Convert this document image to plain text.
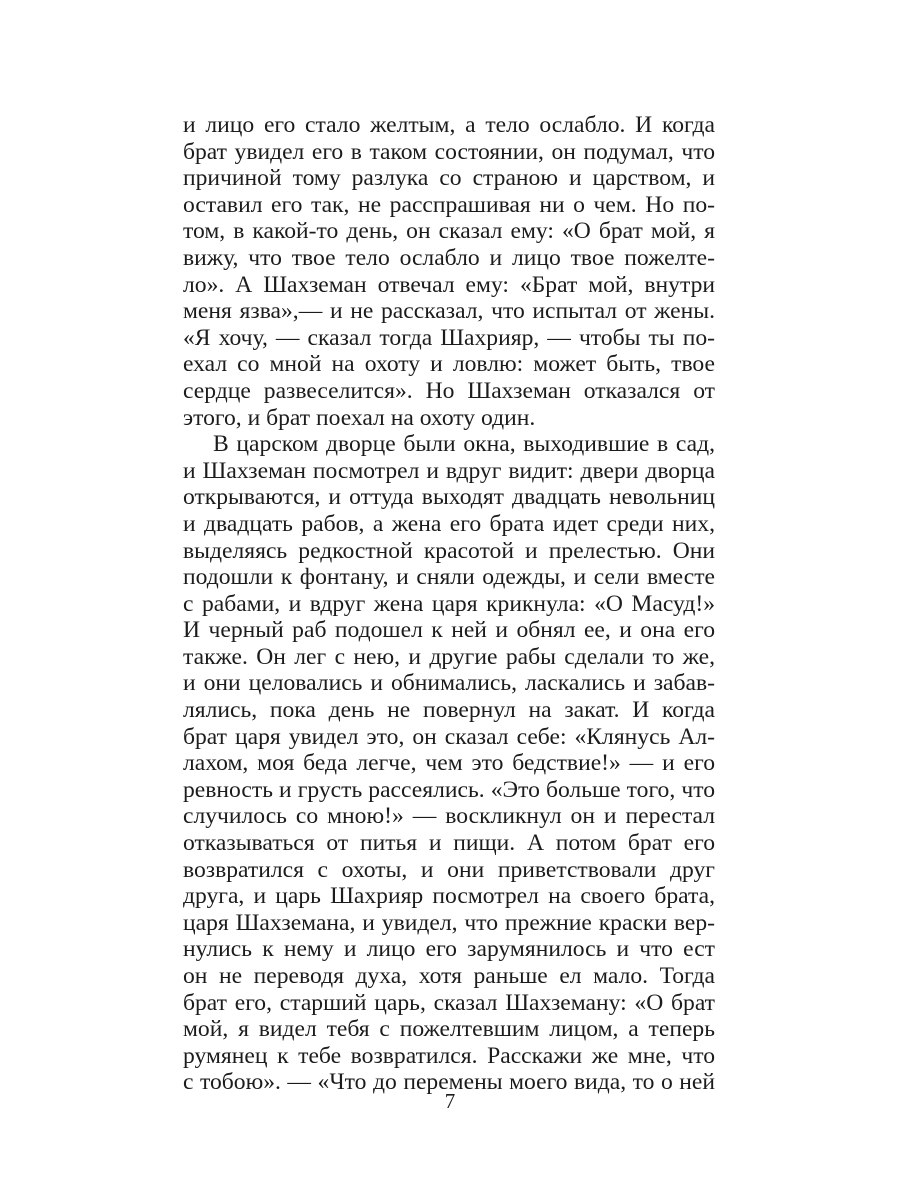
и лицо его стало желтым, а тело ослабло. И когда
брат увидел его в таком состоянии, он подумал, что
причиной тому разлука со страною и царством, и
оставил его так, не расспрашивая ни о чем. Но по-
том, в какой-то день, он сказал ему: «О брат мой, я
вижу, что твое тело ослабло и лицо твое пожелте-
ло». А Шахземан отвечал ему: «Брат мой, внутри
меня язва»,— и не рассказал, что испытал от жены.
«Я хочу, — сказал тогда Шахрияр, — чтобы ты по-
ехал со мной на охоту и ловлю: может быть, твое
сердце развеселится». Но Шахземан отказался от
этого, и брат поехал на охоту один.
В царском дворце были окна, выходившие в сад,
и Шахземан посмотрел и вдруг видит: двери дворца
открываются, и оттуда выходят двадцать невольниц
и двадцать рабов, а жена его брата идет среди них,
выделяясь редкостной красотой и прелестью. Они
подошли к фонтану, и сняли одежды, и сели вместе
с рабами, и вдруг жена царя крикнула: «О Масуд!»
И черный раб подошел к ней и обнял ее, и она его
также. Он лег с нею, и другие рабы сделали то же,
и они целовались и обнимались, ласкались и забав-
лялись, пока день не повернул на закат. И когда
брат царя увидел это, он сказал себе: «Клянусь Ал-
лахом, моя беда легче, чем это бедствие!» — и его
ревность и грусть рассеялись. «Это больше того, что
случилось со мною!» — воскликнул он и перестал
отказываться от питья и пищи. А потом брат его
возвратился с охоты, и они приветствовали друг
друга, и царь Шахрияр посмотрел на своего брата,
царя Шахземана, и увидел, что прежние краски вер-
нулись к нему и лицо его зарумянилось и что ест
он не переводя духа, хотя раньше ел мало. Тогда
брат его, старший царь, сказал Шахземану: «О брат
мой, я видел тебя с пожелтевшим лицом, а теперь
румянец к тебе возвратился. Расскажи же мне, что
с тобою». — «Что до перемены моего вида, то о ней
7
